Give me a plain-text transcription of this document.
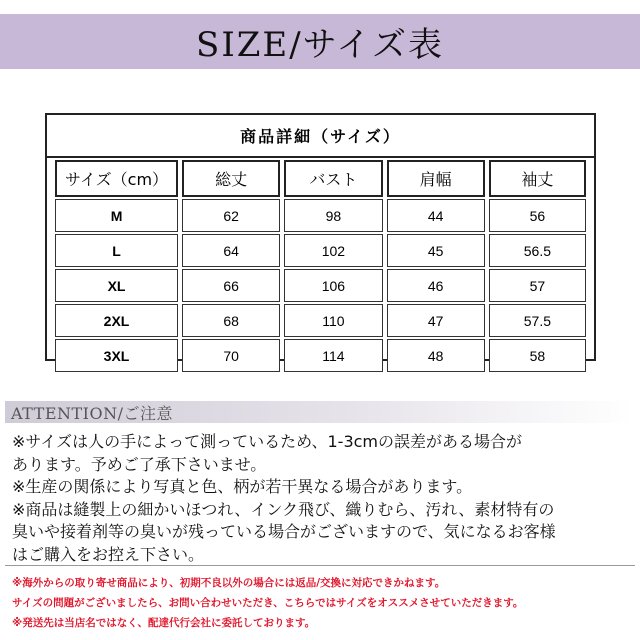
SIZE/サイズ表
商品詳細（サイズ）
サイズ（cm）	総丈	バスト	肩幅	袖丈
M	62	98	44	56
L	64	102	45	56.5
XL	66	106	46	57
2XL	68	110	47	57.5
3XL	70	114	48	58
ATTENTION/ご注意
※サイズは人の手によって測っているため、1-3cmの誤差がある場合が
あります。予めご了承下さいませ。
※生産の関係により写真と色、柄が若干異なる場合があります。
※商品は縫製上の細かいほつれ、インク飛び、織りむら、汚れ、素材特有の
臭いや接着剤等の臭いが残っている場合がございますので、気になるお客様
はご購入をお控え下さい。
※海外からの取り寄せ商品により、初期不良以外の場合には返品/交換に対応できかねます。
サイズの問題がございましたら、お問い合わせいただき、こちらではサイズをオススメさせていただきます。
※発送先は当店名ではなく、配達代行会社に委託しております。
